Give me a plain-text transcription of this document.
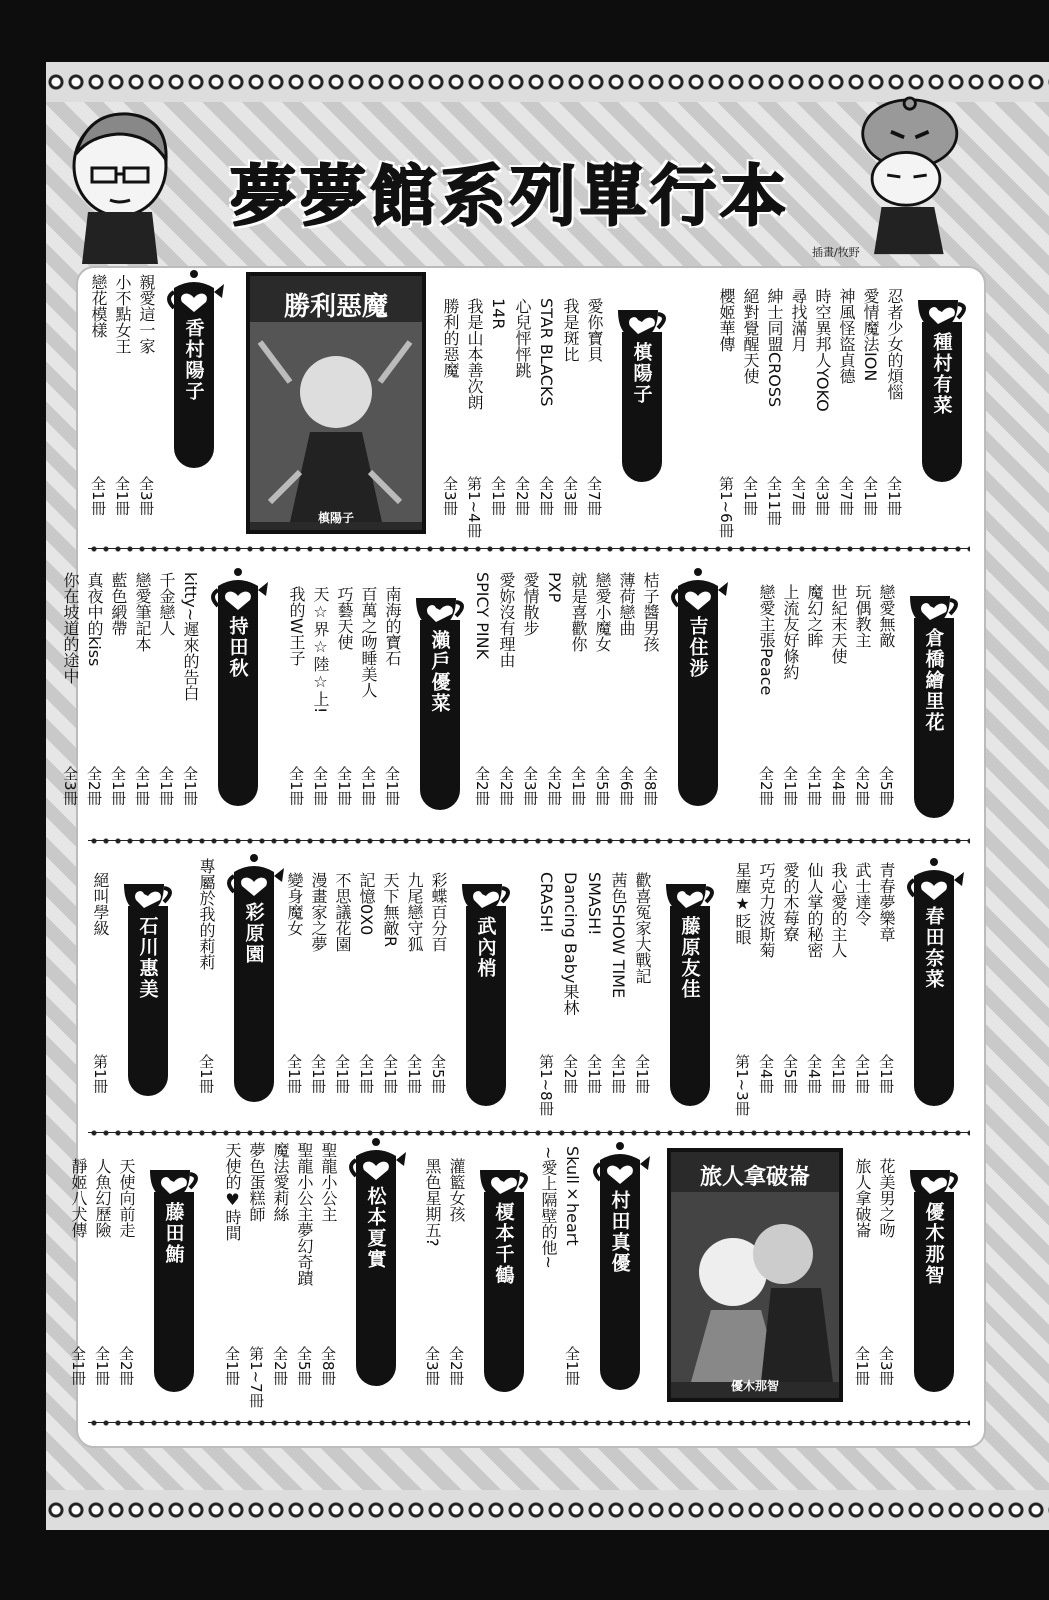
夢夢館系列單行本
插畫/牧野
勝利惡魔
槙陽子
旅人拿破崙
優木那智
種村有菜
忍者少女的煩惱
愛情魔法ION
神風怪盜貞德
時空異邦人YOKO
尋找滿月
紳士同盟CROSS
絕對覺醒天使
櫻姬華傳
全1冊
全1冊
全7冊
全3冊
全7冊
全11冊
全1冊
第1~6冊
槙陽子
愛你寶貝
我是斑比
STAR BLACKS
心兒怦怦跳
14R
我是山本善次朗
勝利的惡魔
全7冊
全3冊
全2冊
全2冊
全1冊
第1~4冊
全3冊
香村陽子
親愛這一家
小不點女王
戀花模樣
全3冊
全1冊
全1冊
倉橋繪里花
戀愛無敵
玩偶教主
世紀末天使
魔幻之眸
上流友好條約
戀愛主張Peace
全5冊
全2冊
全4冊
全1冊
全1冊
全2冊
吉住涉
桔子醬男孩
薄荷戀曲
戀愛小魔女
就是喜歡你
PXP
愛情散步
愛妳沒有理由
SPICY PINK
全8冊
全6冊
全5冊
全1冊
全2冊
全3冊
全2冊
全2冊
瀨戶優菜
南海的寶石
百萬之吻睡美人
巧藝天使
天☆界☆陸☆上!
我的W王子
全1冊
全1冊
全1冊
全1冊
全1冊
持田秋
kitty~遲來的告白
千金戀人
戀愛筆記本
藍色緞帶
真夜中的kiss
你在坡道的途中
全1冊
全1冊
全1冊
全1冊
全2冊
全3冊
春田奈菜
青春夢樂章
武士達令
我心愛的主人
仙人掌的秘密
愛的木莓寮
巧克力波斯菊
星塵★眨眼
全1冊
全1冊
全1冊
全4冊
全5冊
全4冊
第1~3冊
藤原友佳
歡喜冤家大戰記
茜色SHOW TIME
SMASH!
Dancing Baby果林
CRASH!
全1冊
全1冊
全1冊
全2冊
第1~8冊
武內梢
彩蝶百分百
九尾戀守狐
天下無敵R
記憶0X0
不思議花園
漫畫家之夢
變身魔女
全5冊
全1冊
全1冊
全1冊
全1冊
全1冊
全1冊
彩原園
專屬於我的莉莉
全1冊
石川惠美
絕叫學級
第1冊
優木那智
花美男之吻
旅人拿破崙
全3冊
全1冊
村田真優
Skull×heart
~愛上隔壁的他~
全1冊
榎本千鶴
灌籃女孩
黑色星期五?
全2冊
全3冊
松本夏實
聖龍小公主
聖龍小公主夢幻奇蹟
魔法愛莉絲
夢色蛋糕師
天使的♥時間
全8冊
全5冊
全2冊
第1~7冊
全1冊
藤田鮪
天使向前走
人魚幻歷險
靜姬八犬傳
全2冊
全1冊
全1冊
